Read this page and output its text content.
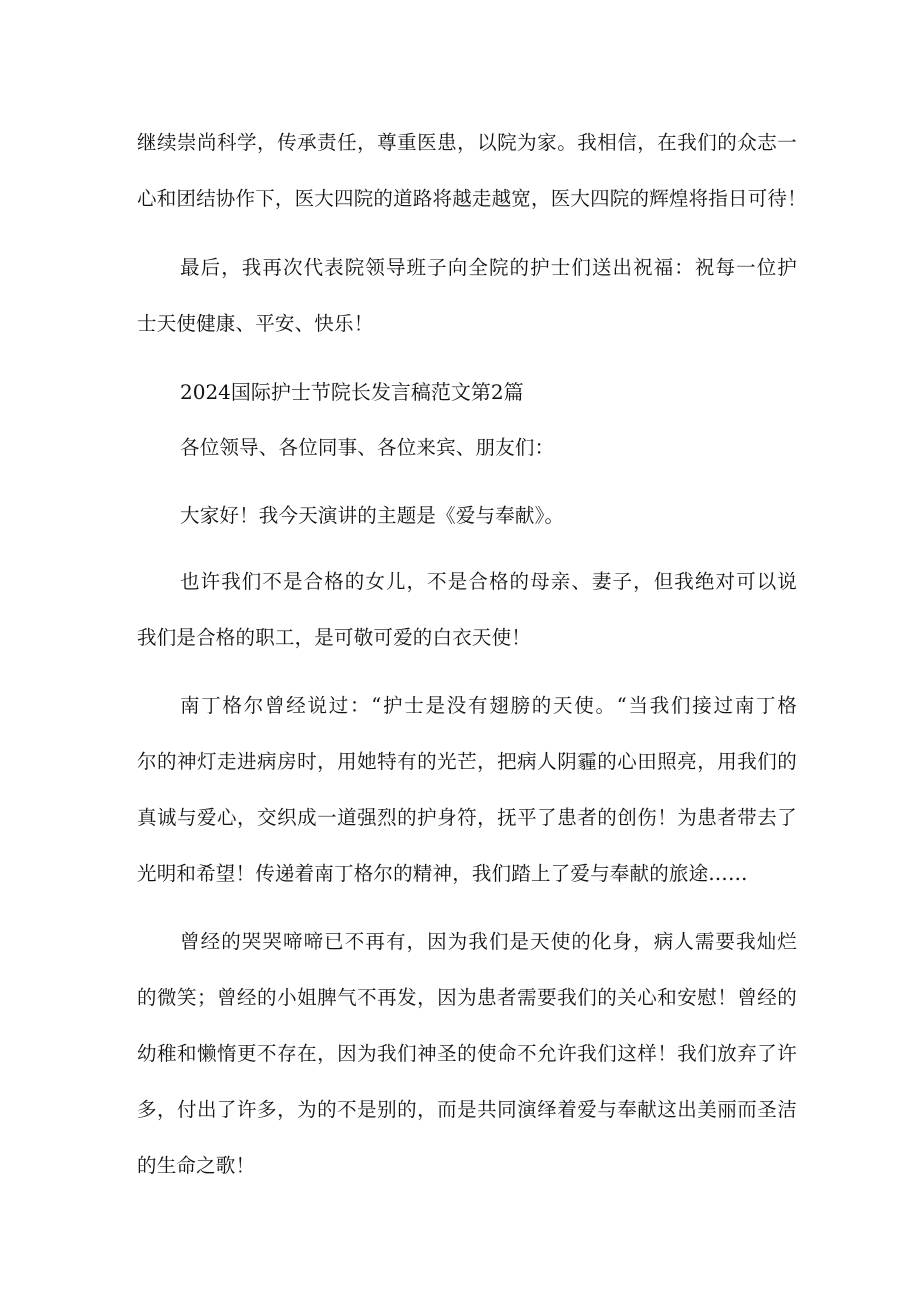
继续崇尚科学，传承责任，尊重医患，以院为家。我相信，在我们的众志一
心和团结协作下，医大四院的道路将越走越宽，医大四院的辉煌将指日可待！
最后，我再次代表院领导班子向全院的护士们送出祝福：祝每一位护
士天使健康、平安、快乐！
2024国际护士节院长发言稿范文第2篇
各位领导、各位同事、各位来宾、朋友们：
大家好！我今天演讲的主题是《爱与奉献》。
也许我们不是合格的女儿，不是合格的母亲、妻子，但我绝对可以说
我们是合格的职工，是可敬可爱的白衣天使！
南丁格尔曾经说过：“护士是没有翅膀的天使。“当我们接过南丁格
尔的神灯走进病房时，用她特有的光芒，把病人阴霾的心田照亮，用我们的
真诚与爱心，交织成一道强烈的护身符，抚平了患者的创伤！为患者带去了
光明和希望！传递着南丁格尔的精神，我们踏上了爱与奉献的旅途……
曾经的哭哭啼啼已不再有，因为我们是天使的化身，病人需要我灿烂
的微笑；曾经的小姐脾气不再发，因为患者需要我们的关心和安慰！曾经的
幼稚和懒惰更不存在，因为我们神圣的使命不允许我们这样！我们放弃了许
多，付出了许多，为的不是别的，而是共同演绎着爱与奉献这出美丽而圣洁
的生命之歌！
